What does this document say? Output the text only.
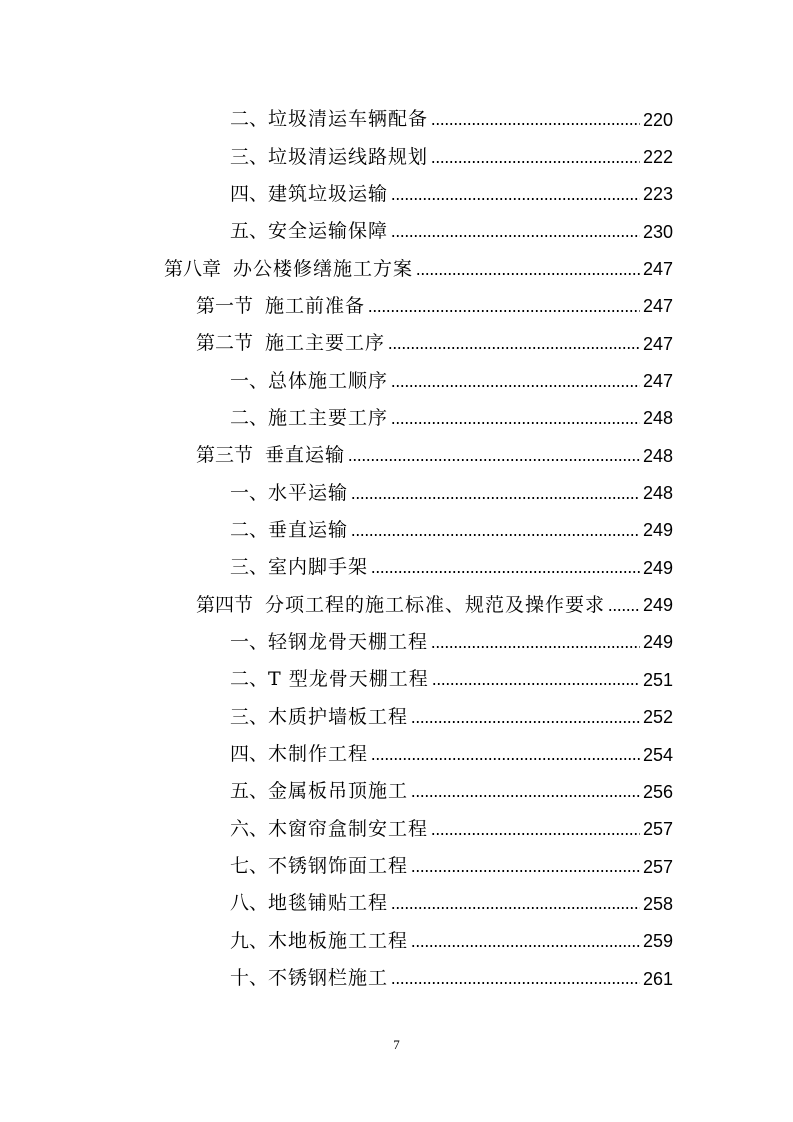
二、 垃圾清运车辆配备	220
三、 垃圾清运线路规划	222
四、 建筑垃圾运输	223
五、 安全运输保障	230
第八章 办公楼修缮施工方案	247
第一节 施工前准备	247
第二节 施工主要工序	247
一、 总体施工顺序	247
二、 施工主要工序	248
第三节 垂直运输	248
一、 水平运输	248
二、 垂直运输	249
三、 室内脚手架	249
第四节 分项工程的施工标准、规范及操作要求 249
一、 轻钢龙骨天棚工程	249
二、 T 型龙骨天棚工程	251
三、 木质护墙板工程	252
四、 木制作工程	254
五、 金属板吊顶施工	256
六、 木窗帘盒制安工程	257
七、 不锈钢饰面工程	257
八、 地毯铺贴工程	258
九、 木地板施工工程	259
十、 不锈钢栏施工	261
7
